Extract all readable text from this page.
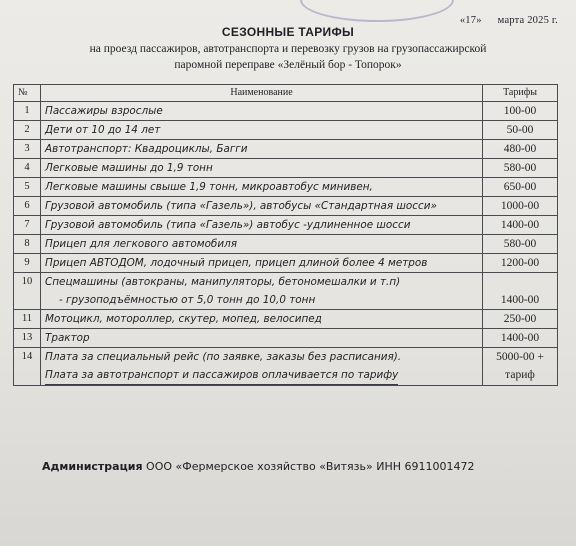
«17» марта 2025 г.
СЕЗОННЫЕ ТАРИФЫ
на проезд пассажиров, автотранспорта и перевозку грузов на грузопассажирской
паромной переправе «Зелёный бор - Топорок»
№	Наименование	Тарифы
1	Пассажиры взрослые	100-00
2	Дети от 10 до 14 лет	50-00
3	Автотранспорт: Квадроциклы, Багги	480-00
4	Легковые машины до 1,9 тонн	580-00
5	Легковые машины свыше 1,9 тонн, микроавтобус минивен,	650-00
6	Грузовой автомобиль (типа «Газель»), автобусы «Стандартная шосси»	1000-00
7	Грузовой автомобиль (типа «Газель») автобус -удлиненное шосси	1400-00
8	Прицеп для легкового автомобиля	580-00
9	Прицеп АВТОДОМ, лодочный прицеп, прицеп длиной более 4 метров	1200-00
10	Спецмашины (автокраны, манипуляторы, бетономешалки и т.п)
- грузоподъёмностью от 5,0 тонн до 10,0 тонн	1400-00
11	Мотоцикл, мотороллер, скутер, мопед, велосипед	250-00
13	Трактор	1400-00
14	Плата за специальный рейс (по заявке, заказы без расписания).
Плата за автотранспорт и пассажиров оплачивается по тарифу	5000-00 +
тариф
Администрация ООО «Фермерское хозяйство «Витязь» ИНН 6911001472
